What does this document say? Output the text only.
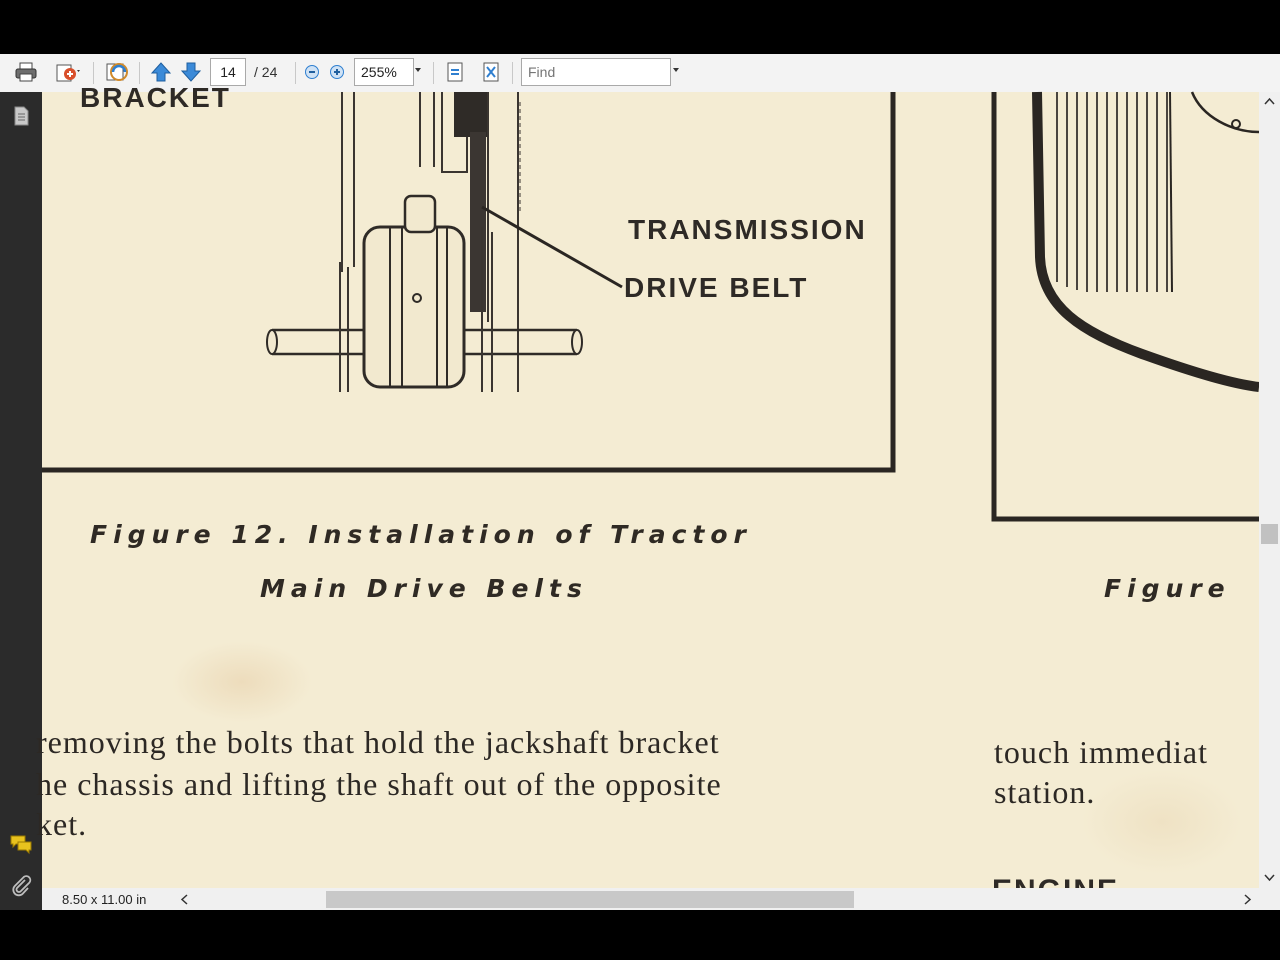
14	/ 24	255%
Find
BRACKET
TRANSMISSION
DRIVE BELT
Figure 12. Installation of Tractor
Main Drive Belts	Figure
removing the bolts that hold the jackshaft bracket
he chassis and lifting the shaft out of the opposite
ket.
touch immediat
station.
8.50 x 11.00 in
